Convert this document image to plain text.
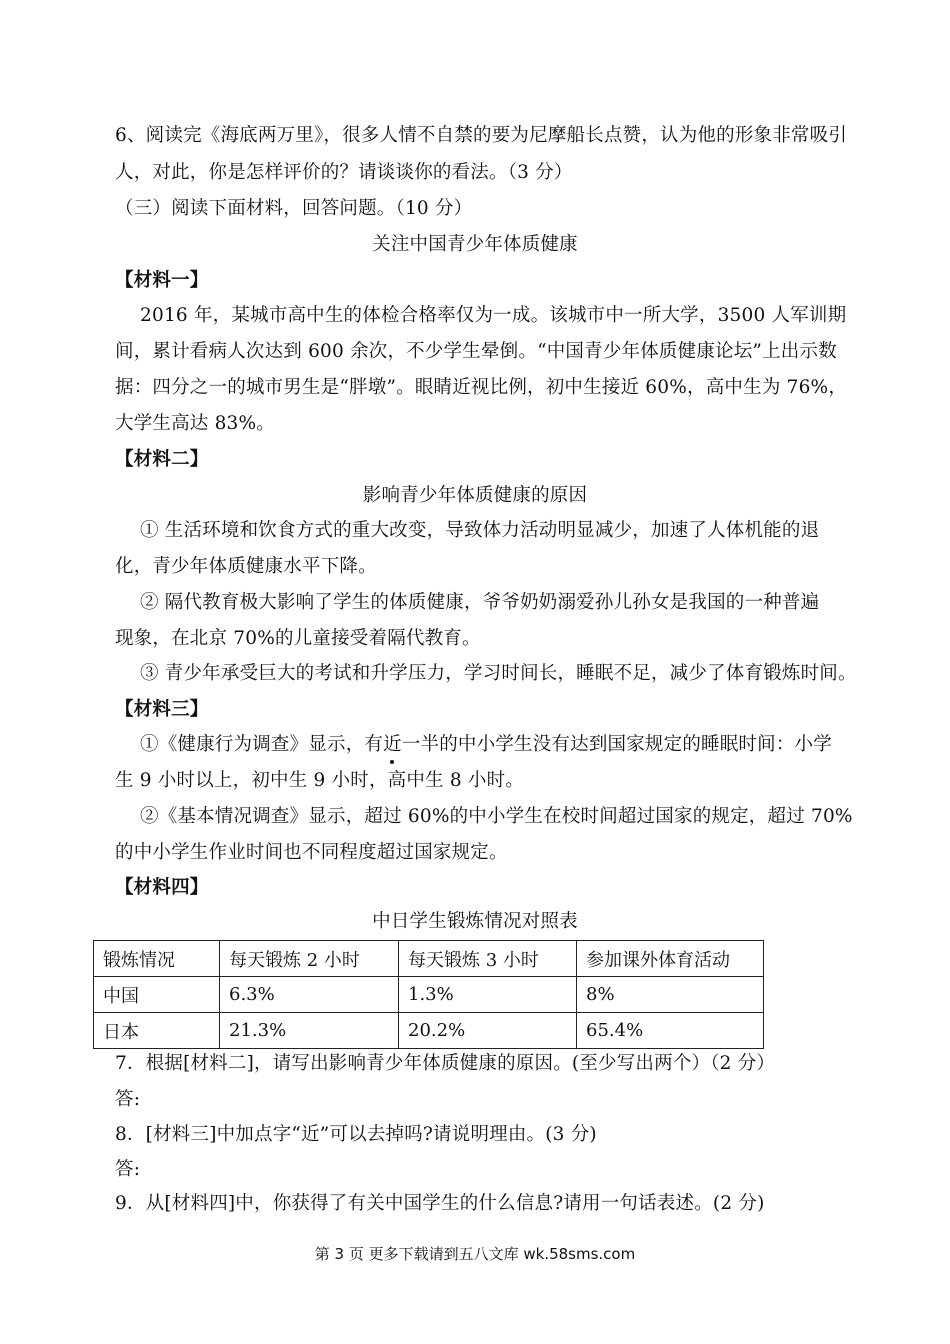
6、阅读完《海底两万里》，很多人情不自禁的要为尼摩船长点赞，认为他的形象非常吸引
人，对此，你是怎样评价的？请谈谈你的看法。（3 分）
（三）阅读下面材料，回答问题。（10 分）
关注中国青少年体质健康
【材料一】
2016 年，某城市高中生的体检合格率仅为一成。该城市中一所大学，3500 人军训期
间，累计看病人次达到 600 余次，不少学生晕倒。“中国青少年体质健康论坛”上出示数
据：四分之一的城市男生是“胖墩”。眼睛近视比例，初中生接近 60%，高中生为 76%，
大学生高达 83%。
【材料二】
影响青少年体质健康的原因
① 生活环境和饮食方式的重大改变，导致体力活动明显减少，加速了人体机能的退
化，青少年体质健康水平下降。
② 隔代教育极大影响了学生的体质健康，爷爷奶奶溺爱孙儿孙女是我国的一种普遍
现象，在北京 70%的儿童接受着隔代教育。
③ 青少年承受巨大的考试和升学压力，学习时间长，睡眠不足，减少了体育锻炼时间。
【材料三】
①《健康行为调查》显示，有近一半的中小学生没有达到国家规定的睡眠时间：小学
生 9 小时以上，初中生 9 小时，高中生 8 小时。
②《基本情况调查》显示，超过 60%的中小学生在校时间超过国家的规定，超过 70%
的中小学生作业时间也不同程度超过国家规定。
【材料四】
中日学生锻炼情况对照表
锻炼情况	每天锻炼 2 小时	每天锻炼 3 小时	参加课外体育活动
中国	6.3%	1.3%	8%
日本	21.3%	20.2%	65.4%
7．根据[材料二]，请写出影响青少年体质健康的原因。(至少写出两个）（2 分）
答:
8．[材料三]中加点字“近”可以去掉吗?请说明理由。(3 分)
答:
9．从[材料四]中，你获得了有关中国学生的什么信息?请用一句话表述。(2 分)
第 3 页 更多下载请到五八文库 wk.58sms.com
